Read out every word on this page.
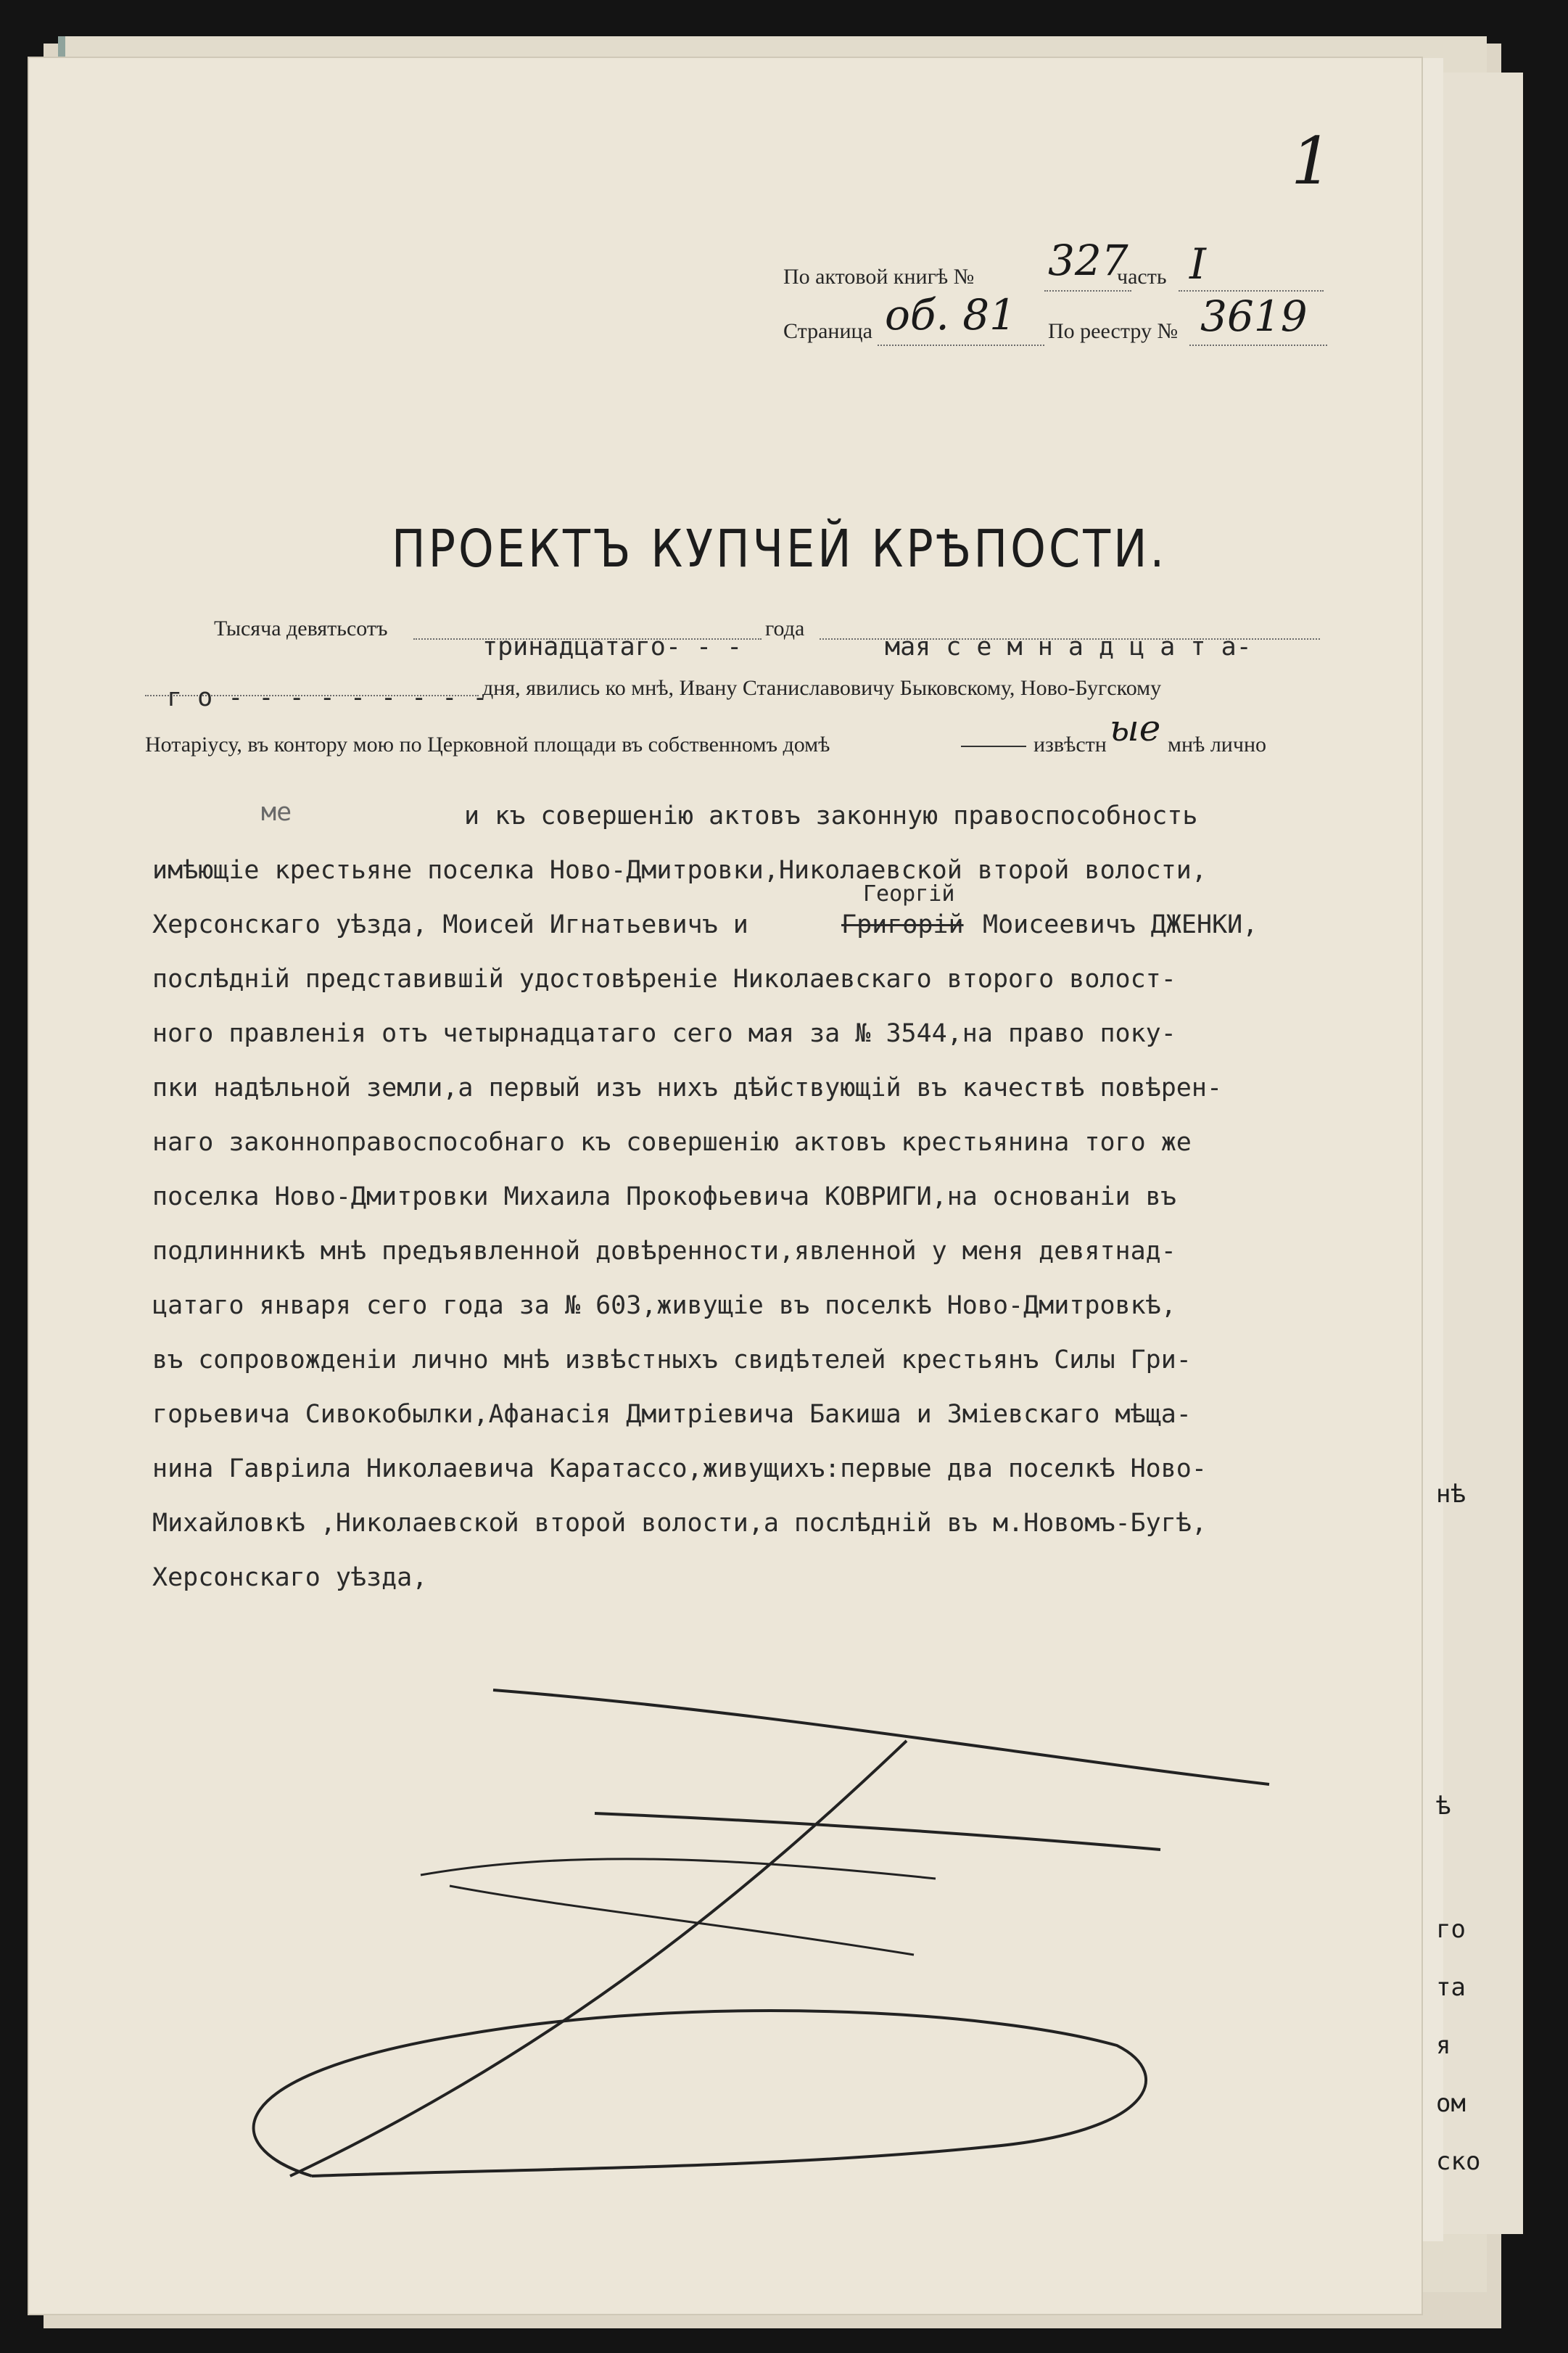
нѣ
ѣ
го
та
я
ом
ско
1
По актовой книгѣ № 327
часть I
Страница об. 81 По реестру № 3619
ПРОЕКТЪ КУПЧЕЙ КРѢПОСТИ.
Тысяча девятьсотъ	года
тринадцатаго- - -	мая с е м н а д ц а т а-
г о - - - - - - - - -
дня, явились ко мнѣ, Ивану Станиславовичу Быковскому, Ново-Бугскому
Нотаріусу, въ контору мою по Церковной площади въ собственномъ домѣ	извѣстн ые мнѣ лично
ме	и къ совершенію актовъ законную правоспособность
имѣющіе крестьяне поселка Ново-Дмитровки,Николаевской второй волости,
Георгій
Херсонскаго уѣзда, Моисей Игнатьевичъ и	Григорій Моисеевичъ ДЖЕНКИ,
послѣдній представившій удостовѣреніе Николаевскаго второго волост-
ного правленія отъ четырнадцатаго сего мая за № 3544,на право поку-
пки надѣльной земли,а первый изъ нихъ дѣйствующій въ качествѣ повѣрен-
наго законноправоспособнаго къ совершенію актовъ крестьянина того же
поселка Ново-Дмитровки Михаила Прокофьевича КОВРИГИ,на основаніи въ
подлинникѣ мнѣ предъявленной довѣренности,явленной у меня девятнад-
цатаго января сего года за № 603,живущіе въ поселкѣ Ново-Дмитровкѣ,
въ сопровожденіи лично мнѣ извѣстныхъ свидѣтелей крестьянъ Силы Гри-
горьевича Сивокобылки,Афанасія Дмитріевича Бакиша и Зміевскаго мѣща-
нина Гавріила Николаевича Каратассо,живущихъ:первые два поселкѣ Ново-
Михайловкѣ ,Николаевской второй волости,а послѣдній въ м.Новомъ-Бугѣ,
Херсонскаго уѣзда,
